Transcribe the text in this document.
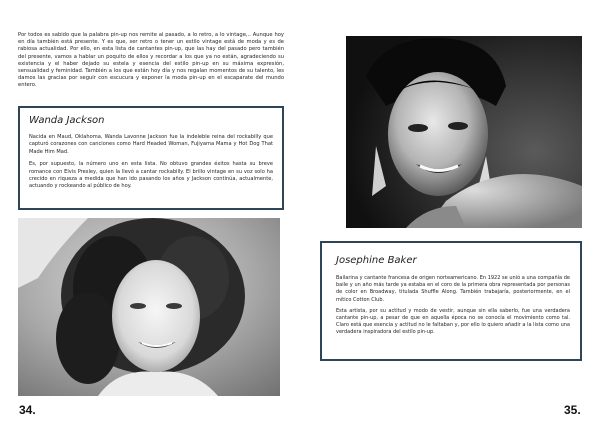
Por todos es sabido que la palabra pin-up nos remite al pasado, a lo retro, a lo vintage,.. Aunque hoy en día también está presente. Y es que, ser retro o tener un estilo vintage está de moda y es de rabiosa actualidad. Por ello, en esta lista de cantantes pin-up, que las hay del pasado pero también del presente, vamos a hablar un poquito de ellos y recordar a los que ya no están, agradeciendo su existencia y el haber dejado su estela y esencia del estilo pin-up en su máxima expresión, sensualidad y feminidad. También a los que están hoy día y nos regalan momentos de su talento, les damos las gracias por seguir con escucura y exponer la moda pin-up en el escaparate del mundo entero.

Wanda Jackson

Nacida en Maud, Oklahoma, Wanda Lavonne Jackson fue la indeleble reina del rockabilly que capturó corazones con canciones como Hard Headed Woman, Fujiyama Mama y Hot Dog That Made Him Mad.

Es, por supuesto, la número uno en esta lista. No obtuvo grandes éxitos hasta su breve romance con Elvis Presley, quien la llevó a cantar rockabilly. El brillo vintage en su voz solo ha crecido en riqueza a medida que han ido pasando los años y Jackson continúa, actualmente, actuando y rockeando al público de hoy.

34.
Josephine Baker

Bailarina y cantante francesa de origen norteamericano. En 1922 se unió a una compañía de baile y un año más tarde ya estaba en el coro de la primera obra representada por personas de color en Broadway, titulada Shuffle Along. También trabajaría, posteriormente, en el mítico Cotton Club.

Esta artista, por su actitud y modo de vestir, aunque sin ella saberlo, fue una verdadera cantante pin-up, a pesar de que en aquella época no se conocía el movimiento como tal. Claro está que esencia y actitud no le faltaban y, por ello lo quiero añadir a la lista como una verdadera inspiradora del estilo pin-up.

35.
